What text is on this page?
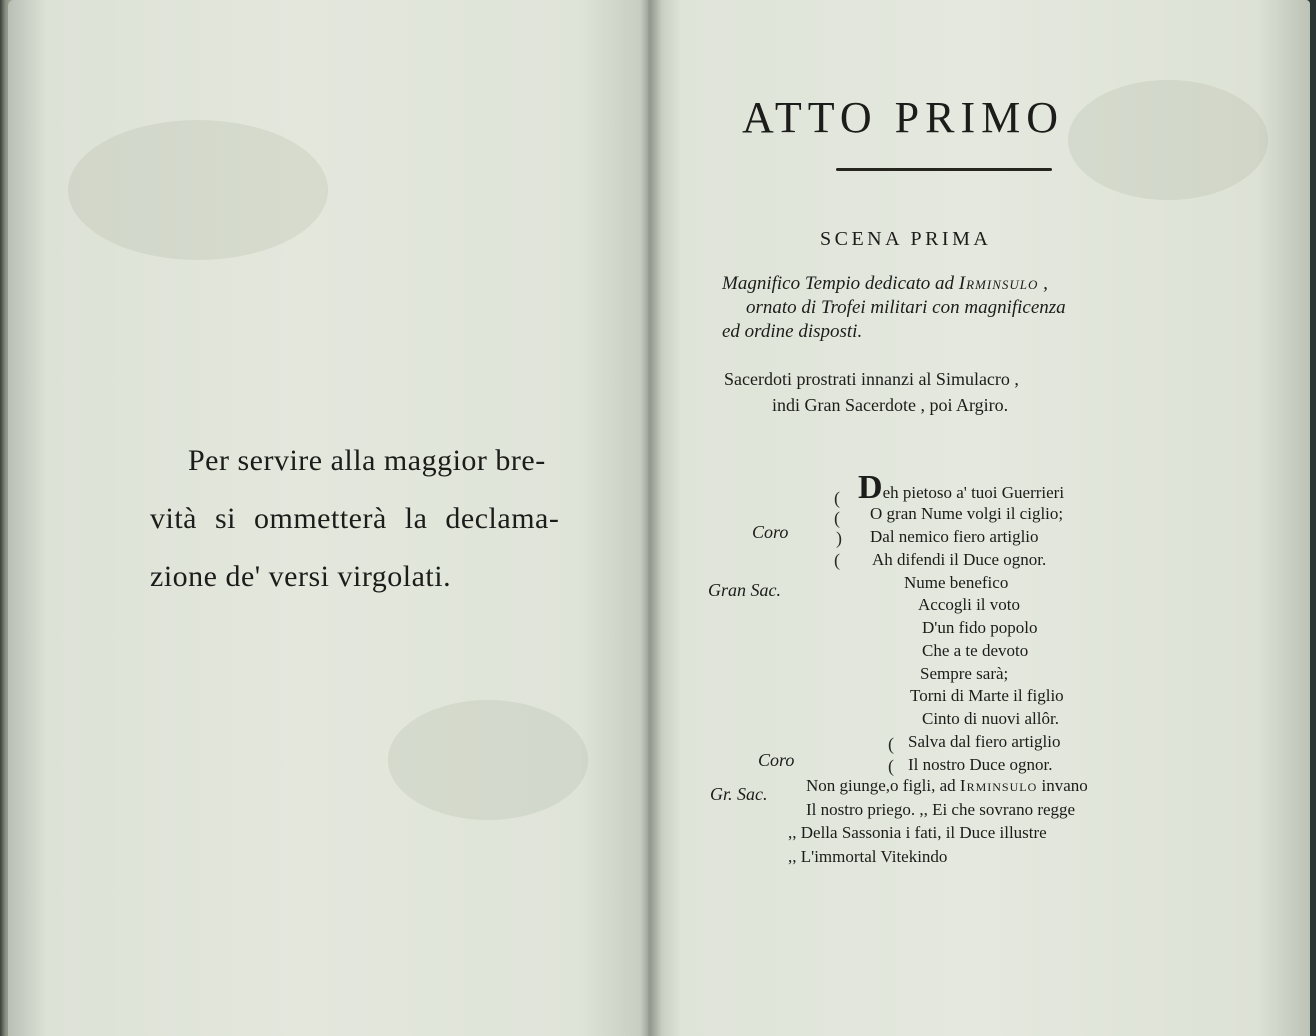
Per servire alla maggior bre-
vità si ommetterà la declama-
zione de' versi virgolati.
ATTO PRIMO
SCENA PRIMA
Magnifico Tempio dedicato ad Irminsulo ,
ornato di Trofei militari con magnificenza
ed ordine disposti.
Sacerdoti prostrati innanzi al Simulacro ,
indi Gran Sacerdote , poi Argiro.
Coro
(
(
)
(
Deh pietoso a' tuoi Guerrieri
O gran Nume volgi il ciglio;
Dal nemico fiero artiglio
Ah difendi il Duce ognor.
Gran Sac.	Nume benefico
Accogli il voto
D'un fido popolo
Che a te devoto
Sempre sarà;
Torni di Marte il figlio
Cinto di nuovi allôr.
Coro
(
(
Salva dal fiero artiglio
Il nostro Duce ognor.
Gr. Sac. Non giunge,o figli, ad Irminsulo invano
Il nostro priego. ,, Ei che sovrano regge
,, Della Sassonia i fati, il Duce illustre
,, L'immortal Vitekindo
